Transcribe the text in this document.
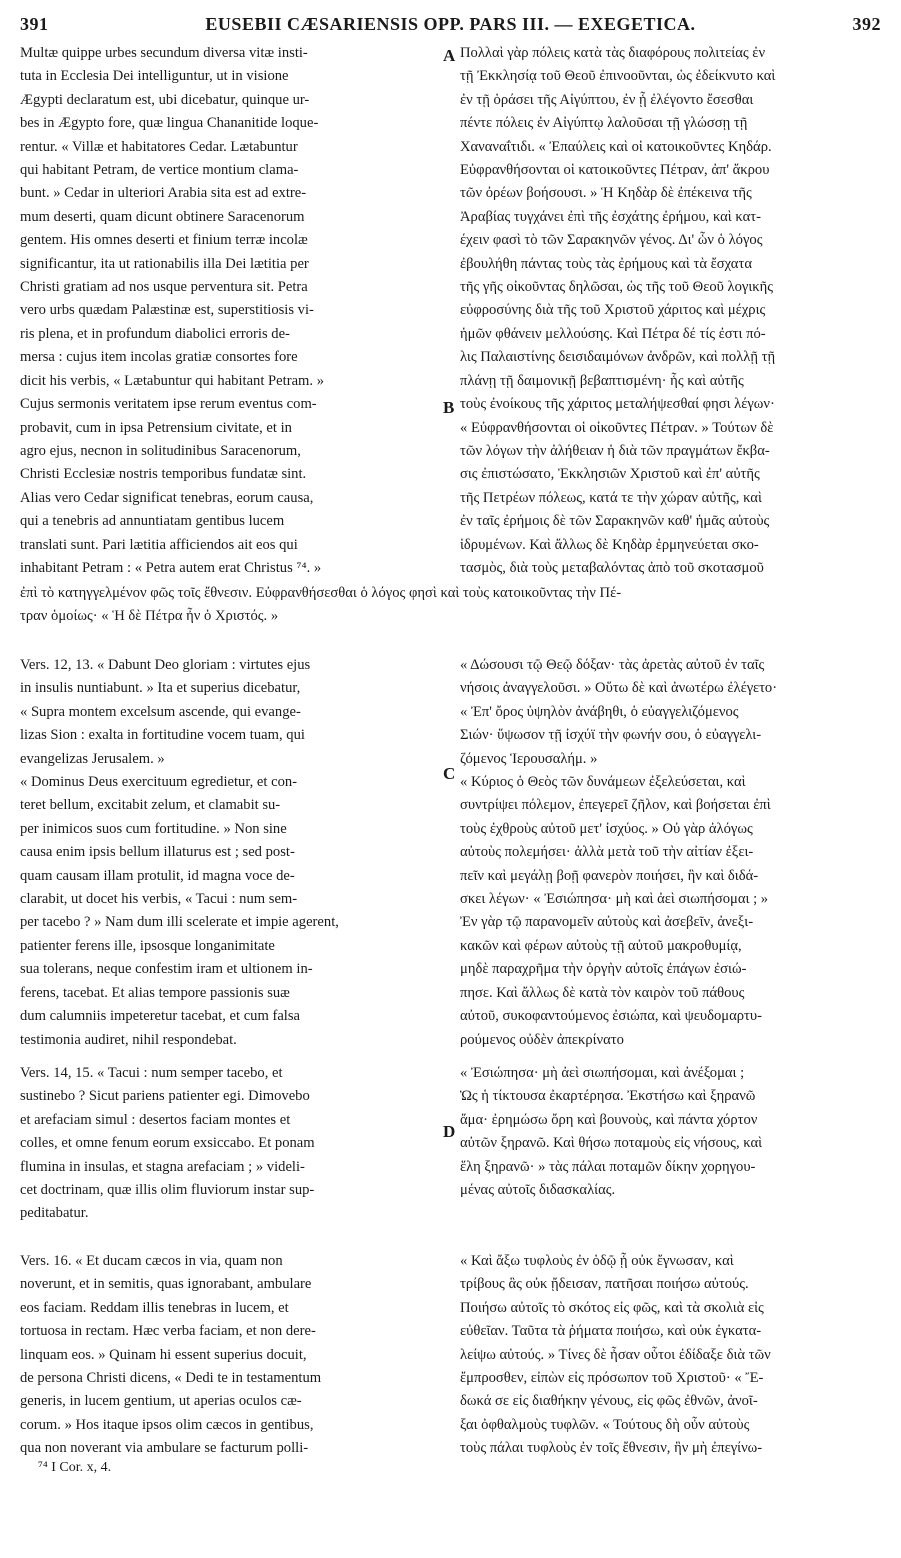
391	EUSEBII CÆSARIENSIS OPP. PARS III. — EXEGETICA.	392
Multæ quippe urbes secundum diversa vitæ insti-
tuta in Ecclesia Dei intelliguntur, ut in visione
Ægypti declaratum est, ubi dicebatur, quinque ur-
bes in Ægypto fore, quæ lingua Chananitide loque-
rentur. « Villæ et habitatores Cedar. Lætabuntur
qui habitant Petram, de vertice montium clama-
bunt. » Cedar in ulteriori Arabia sita est ad extre-
mum deserti, quam dicunt obtinere Saracenorum
gentem. His omnes deserti et finium terræ incolæ
significantur, ita ut rationabilis illa Dei lætitia per
Christi gratiam ad nos usque perventura sit. Petra
vero urbs quædam Palæstinæ est, superstitiosis vi-
ris plena, et in profundum diabolici erroris de-
mersa : cujus item incolas gratiæ consortes fore
dicit his verbis, « Lætabuntur qui habitant Petram. »
Cujus sermonis veritatem ipse rerum eventus com-
probavit, cum in ipsa Petrensium civitate, et in
agro ejus, necnon in solitudinibus Saracenorum,
Christi Ecclesiæ nostris temporibus fundatæ sint.
Alias vero Cedar significat tenebras, eorum causa,
qui a tenebris ad annuntiatam gentibus lucem
translati sunt. Pari lætitia afficiendos ait eos qui
inhabitant Petram : « Petra autem erat Christus ⁷⁴. »
Πολλαὶ γὰρ πόλεις κατὰ τὰς διαφόρους πολιτείας ἐν
τῇ Ἐκκλησίᾳ τοῦ Θεοῦ ἐπινοοῦνται, ὡς ἐδείκνυτο καὶ
ἐν τῇ ὁράσει τῆς Αἰγύπτου, ἐν ᾗ ἐλέγοντο ἔσεσθαι
πέντε πόλεις ἐν Αἰγύπτῳ λαλοῦσαι τῇ γλώσσῃ τῇ
Χαναναΐτιδι. « Ἐπαύλεις καὶ οἱ κατοικοῦντες Κηδάρ.
Εὐφρανθήσονται οἱ κατοικοῦντες Πέτραν, ἀπ' ἄκρου
τῶν ὀρέων βοήσουσι. » Ἡ Κηδὰρ δὲ ἐπέκεινα τῆς
Ἀραβίας τυγχάνει ἐπὶ τῆς ἐσχάτης ἐρήμου, καὶ κατ-
έχειν φασὶ τὸ τῶν Σαρακηνῶν γένος. Δι' ὧν ὁ λόγος
ἐβουλήθη πάντας τοὺς τὰς ἐρήμους καὶ τὰ ἔσχατα
τῆς γῆς οἰκοῦντας δηλῶσαι, ὡς τῆς τοῦ Θεοῦ λογικῆς
εὐφροσύνης διὰ τῆς τοῦ Χριστοῦ χάριτος καὶ μέχρις
ἡμῶν φθάνειν μελλούσης. Καὶ Πέτρα δέ τίς ἐστι πό-
λις Παλαιστίνης δεισιδαιμόνων ἀνδρῶν, καὶ πολλῇ τῇ
πλάνῃ τῇ δαιμονικῇ βεβαπτισμένη· ἧς καὶ αὐτῆς
τοὺς ἐνοίκους τῆς χάριτος μεταλήψεσθαί φησι λέγων·
« Εὐφρανθήσονται οἱ οἰκοῦντες Πέτραν. » Τούτων δὲ
τῶν λόγων τὴν ἀλήθειαν ἡ διὰ τῶν πραγμάτων ἔκβα-
σις ἐπιστώσατο, Ἐκκλησιῶν Χριστοῦ καὶ ἐπ' αὐτῆς
τῆς Πετρέων πόλεως, κατά τε τὴν χώραν αὐτῆς, καὶ
ἐν ταῖς ἐρήμοις δὲ τῶν Σαρακηνῶν καθ' ἡμᾶς αὐτοὺς
ἱδρυμένων. Καὶ ἄλλως δὲ Κηδὰρ ἑρμηνεύεται σκο-
τασμὸς, διὰ τοὺς μεταβαλόντας ἀπὸ τοῦ σκοτασμοῦ
ἐπὶ τὸ κατηγγελμένον φῶς τοῖς ἔθνεσιν. Εὐφρανθήσεσθαι ὁ λόγος φησὶ καὶ τοὺς κατοικοῦντας τὴν Πέ-
τραν ὁμοίως· « Ἡ δὲ Πέτρα ἦν ὁ Χριστός. »
Vers. 12, 13. « Dabunt Deo gloriam : virtutes ejus
in insulis nuntiabunt. » Ita et superius dicebatur,
« Supra montem excelsum ascende, qui evange-
lizas Sion : exalta in fortitudine vocem tuam, qui
evangelizas Jerusalem. »
« Dominus Deus exercituum egredietur, et con-
teret bellum, excitabit zelum, et clamabit su-
per inimicos suos cum fortitudine. » Non sine
causa enim ipsis bellum illaturus est ; sed post-
quam causam illam protulit, id magna voce de-
clarabit, ut docet his verbis, « Tacui : num sem-
per tacebo ? » Nam dum illi scelerate et impie agerent,
patienter ferens ille, ipsosque longanimitate
sua tolerans, neque confestim iram et ultionem in-
ferens, tacebat. Et alias tempore passionis suæ
dum calumniis impeteretur tacebat, et cum falsa
testimonia audiret, nihil respondebat.
« Δώσουσι τῷ Θεῷ δόξαν· τὰς ἀρετὰς αὐτοῦ ἐν ταῖς
νήσοις ἀναγγελοῦσι. » Οὕτω δὲ καὶ ἀνωτέρω ἐλέγετο·
« Ἐπ' ὄρος ὑψηλὸν ἀνάβηθι, ὁ εὐαγγελιζόμενος
Σιών· ὕψωσον τῇ ἰσχύϊ τὴν φωνήν σου, ὁ εὐαγγελι-
ζόμενος Ἱερουσαλήμ. »
« Κύριος ὁ Θεὸς τῶν δυνάμεων ἐξελεύσεται, καὶ
συντρίψει πόλεμον, ἐπεγερεῖ ζῆλον, καὶ βοήσεται ἐπὶ
τοὺς ἐχθροὺς αὐτοῦ μετ' ἰσχύος. » Οὐ γὰρ ἀλόγως
αὐτοὺς πολεμήσει· ἀλλὰ μετὰ τοῦ τὴν αἰτίαν ἐξει-
πεῖν καὶ μεγάλῃ βοῇ φανερὸν ποιήσει, ἣν καὶ διδά-
σκει λέγων· « Ἐσιώπησα· μὴ καὶ ἀεὶ σιωπήσομαι ; »
Ἐν γὰρ τῷ παρανομεῖν αὐτοὺς καὶ ἀσεβεῖν, ἀνεξι-
κακῶν καὶ φέρων αὐτοὺς τῇ αὐτοῦ μακροθυμίᾳ,
μηδὲ παραχρῆμα τὴν ὀργὴν αὐτοῖς ἐπάγων ἐσιώ-
πησε. Καὶ ἄλλως δὲ κατὰ τὸν καιρὸν τοῦ πάθους
αὐτοῦ, συκοφαντούμενος ἐσιώπα, καὶ ψευδομαρτυ-
ρούμενος οὐδὲν ἀπεκρίνατο
Vers. 14, 15. « Tacui : num semper tacebo, et
sustinebo ? Sicut pariens patienter egi. Dimovebo
et arefaciam simul : desertos faciam montes et
colles, et omne fenum eorum exsiccabo. Et ponam
flumina in insulas, et stagna arefaciam ; » videli-
cet doctrinam, quæ illis olim fluviorum instar sup-
peditabatur.
« Ἐσιώπησα· μὴ ἀεὶ σιωπήσομαι, καὶ ἀνέξομαι ;
Ὡς ἡ τίκτουσα ἐκαρτέρησα. Ἐκστήσω καὶ ξηρανῶ
ἅμα· ἐρημώσω ὄρη καὶ βουνοὺς, καὶ πάντα χόρτον
αὐτῶν ξηρανῶ. Καὶ θήσω ποταμοὺς εἰς νήσους, καὶ
ἕλη ξηρανῶ· » τὰς πάλαι ποταμῶν δίκην χορηγου-
μένας αὐτοῖς διδασκαλίας.
Vers. 16. « Et ducam cæcos in via, quam non
noverunt, et in semitis, quas ignorabant, ambulare
eos faciam. Reddam illis tenebras in lucem, et
tortuosa in rectam. Hæc verba faciam, et non dere-
linquam eos. » Quinam hi essent superius docuit,
de persona Christi dicens, « Dedi te in testamentum
generis, in lucem gentium, ut aperias oculos cæ-
corum. » Hos itaque ipsos olim cæcos in gentibus,
qua non noverant via ambulare se facturum polli-
« Καὶ ἄξω τυφλοὺς ἐν ὁδῷ ᾗ οὐκ ἔγνωσαν, καὶ
τρίβους ἃς οὐκ ᾔδεισαν, πατῆσαι ποιήσω αὐτούς.
Ποιήσω αὐτοῖς τὸ σκότος εἰς φῶς, καὶ τὰ σκολιὰ εἰς
εὐθεῖαν. Ταῦτα τὰ ῥήματα ποιήσω, καὶ οὐκ ἐγκατα-
λείψω αὐτούς. » Τίνες δὲ ἦσαν οὗτοι ἐδίδαξε διὰ τῶν
ἔμπροσθεν, εἰπὼν εἰς πρόσωπον τοῦ Χριστοῦ· « Ἔ-
δωκά σε εἰς διαθήκην γένους, εἰς φῶς ἐθνῶν, ἀνοῖ-
ξαι ὀφθαλμοὺς τυφλῶν. « Τούτους δὴ οὖν αὐτοὺς
τοὺς πάλαι τυφλοὺς ἐν τοῖς ἔθνεσιν, ἣν μὴ ἐπεγίνω-
A
B
C
D
⁷⁴ I Cor. x, 4.
